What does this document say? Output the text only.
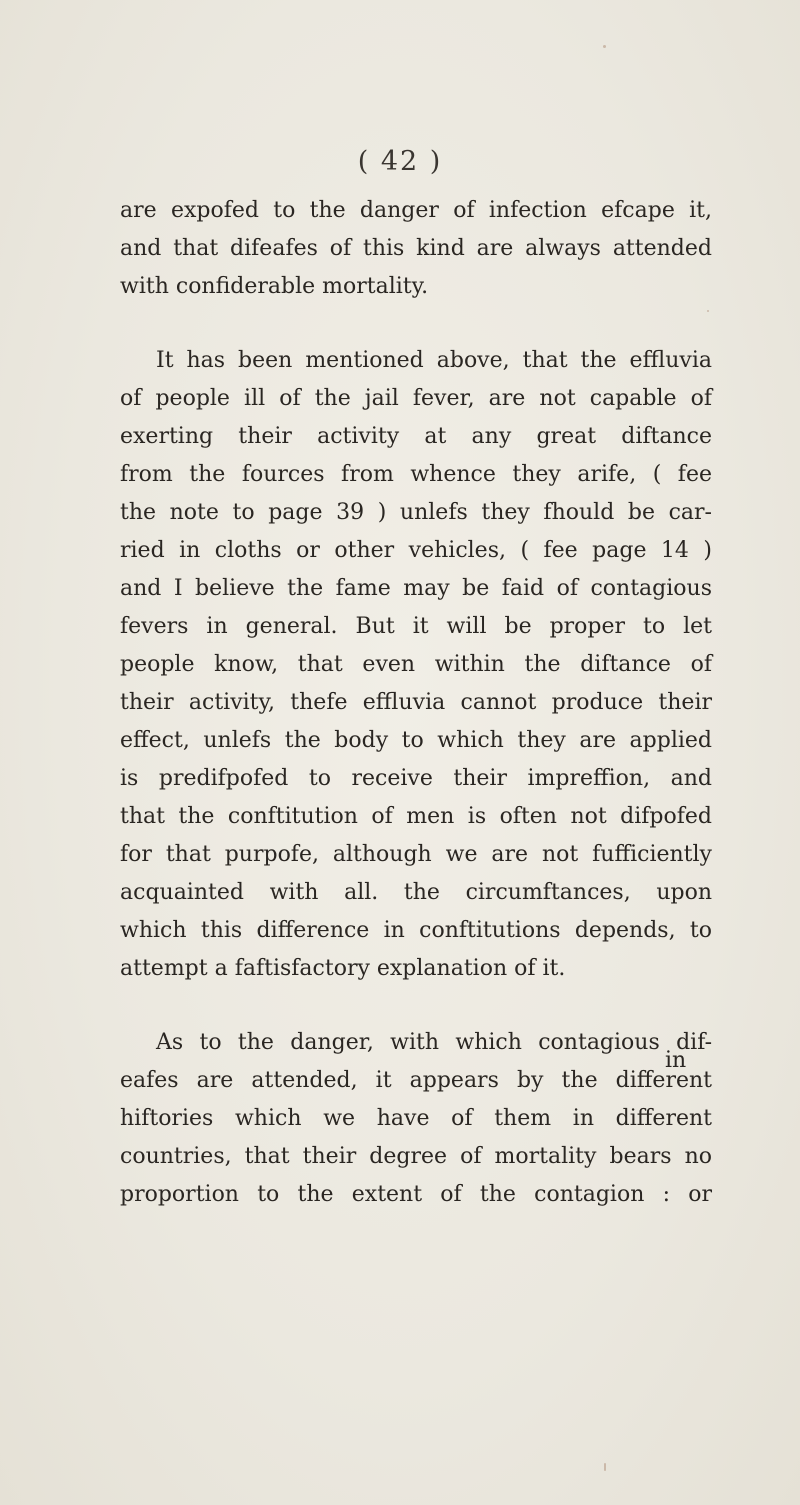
( 42 )
are expofed to the danger of infection efcape it,
and that difeafes of this kind are always attended
with confiderable mortality.
It has been mentioned above, that the effluvia
of people ill of the jail fever, are not capable of
exerting their activity at any great diftance
from the fources from whence they arife, ( fee
the note to page 39 ) unlefs they fhould be car-
ried in cloths or other vehicles, ( fee page 14 )
and I believe the fame may be faid of contagious
fevers in general. But it will be proper to let
people know, that even within the diftance of
their activity, thefe effluvia cannot produce their
effect, unlefs the body to which they are applied
is predifpofed to receive their impreffion, and
that the conftitution of men is often not difpofed
for that purpofe, although we are not fufficiently
acquainted with all. the circumftances, upon
which this difference in conftitutions depends, to
attempt a faftisfactory explanation of it.
As to the danger, with which contagious dif-
eafes are attended, it appears by the different
hiftories which we have of them in different
countries, that their degree of mortality bears no
proportion to the extent of the contagion : or
in
